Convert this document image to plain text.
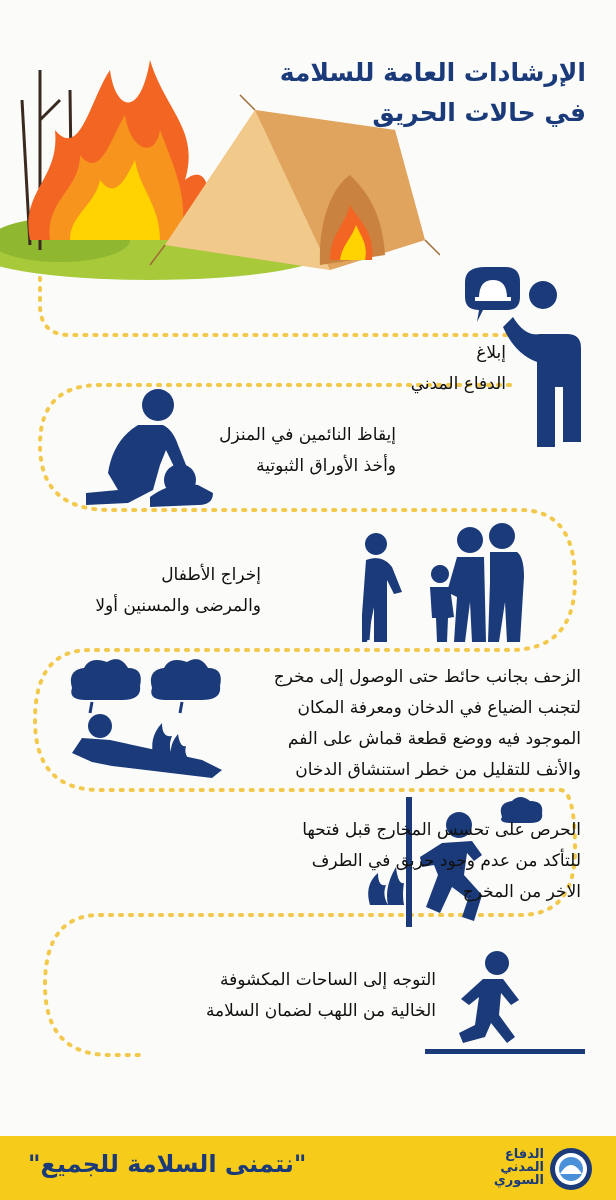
الإرشادات العامة للسلامة
في حالات الحريق
إبلاغ
الدفاع المدني
إيقاظ النائمين في المنزل
وأخذ الأوراق الثبوتية
إخراج الأطفال
والمرضى والمسنين أولا
الزحف بجانب حائط حتى الوصول إلى مخرج
لتجنب الضياع في الدخان ومعرفة المكان
الموجود فيه ووضع قطعة قماش على الفم
والأنف للتقليل من خطر استنشاق الدخان
الحرص على تحسس المخارج قبل فتحها
للتأكد من عدم وجود حريق في الطرف
الاخر من المخرج
التوجه إلى الساحات المكشوفة
الخالية من اللهب لضمان السلامة
"نتمنى السلامة للجميع"	الدفاع
المدني
السوري
